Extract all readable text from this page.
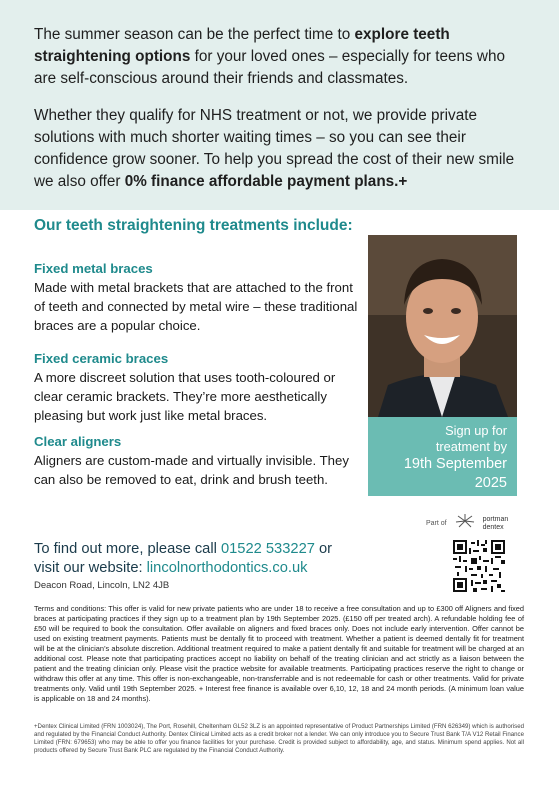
The summer season can be the perfect time to explore teeth straightening options for your loved ones – especially for teens who are self-conscious around their friends and classmates.

Whether they qualify for NHS treatment or not, we provide private solutions with much shorter waiting times – so you can see their confidence grow sooner. To help you spread the cost of their new smile we also offer 0% finance affordable payment plans.+

Our teeth straightening treatments include:
Fixed metal braces

Made with metal brackets that are attached to the front of teeth and connected by metal wire – these traditional braces are a popular choice.

Fixed ceramic braces

A more discreet solution that uses tooth-coloured or clear ceramic brackets. They’re more aesthetically pleasing but work just like metal braces.

Clear aligners

Aligners are custom-made and virtually invisible. They can also be removed to eat, drink and brush teeth.

Sign up for
treatment by
19th September
2025
Part of
portman
dentex
To find out more, please call 01522 533227 or
visit our website: lincolnorthodontics.co.uk
Deacon Road, Lincoln, LN2 4JB
Terms and conditions: This offer is valid for new private patients who are under 18 to receive a free consultation and up to £300 off Aligners and fixed braces at participating practices if they sign up to a treatment plan by 19th September 2025. (£150 off per treated arch). A refundable holding fee of £50 will be required to book the consultation. Offer available on aligners and fixed braces only. Does not include early intervention. Offer cannot be used on existing treatment payments. Patients must be dentally fit to proceed with treatment. Whether a patient is deemed dentally fit for treatment will be at the clinician’s absolute discretion. Additional treatment required to make a patient dentally fit and suitable for treatment will be charged at an additional cost. Please note that participating practices accept no liability on behalf of the treating clinician and act strictly as a liaison between the patient and the treating clinician only. Please visit the practice website for available treatments. Participating practices reserve the right to change or withdraw this offer at any time. This offer is non-exchangeable, non-transferrable and is not redeemable for cash or other treatments. Valid for private treatments only. Valid until 19th September 2025. + Interest free finance is available over 6,10, 12, 18 and 24 month periods. (A minimum loan value is applicable on 18 and 24 months).
+Dentex Clinical Limited (FRN 1003024), The Port, Rosehill, Cheltenham GL52 3LZ is an appointed representative of Product Partnerships Limited (FRN 626349) which is authorised and regulated by the Financial Conduct Authority. Dentex Clinical Limited acts as a credit broker not a lender. We can only introduce you to Secure Trust Bank T/A V12 Retail Finance Limited (FRN: 679653) who may be able to offer you finance facilities for your purchase. Credit is provided subject to affordability, age, and status. Minimum spend applies. Not all products offered by Secure Trust Bank PLC are regulated by the Financial Conduct Authority.
